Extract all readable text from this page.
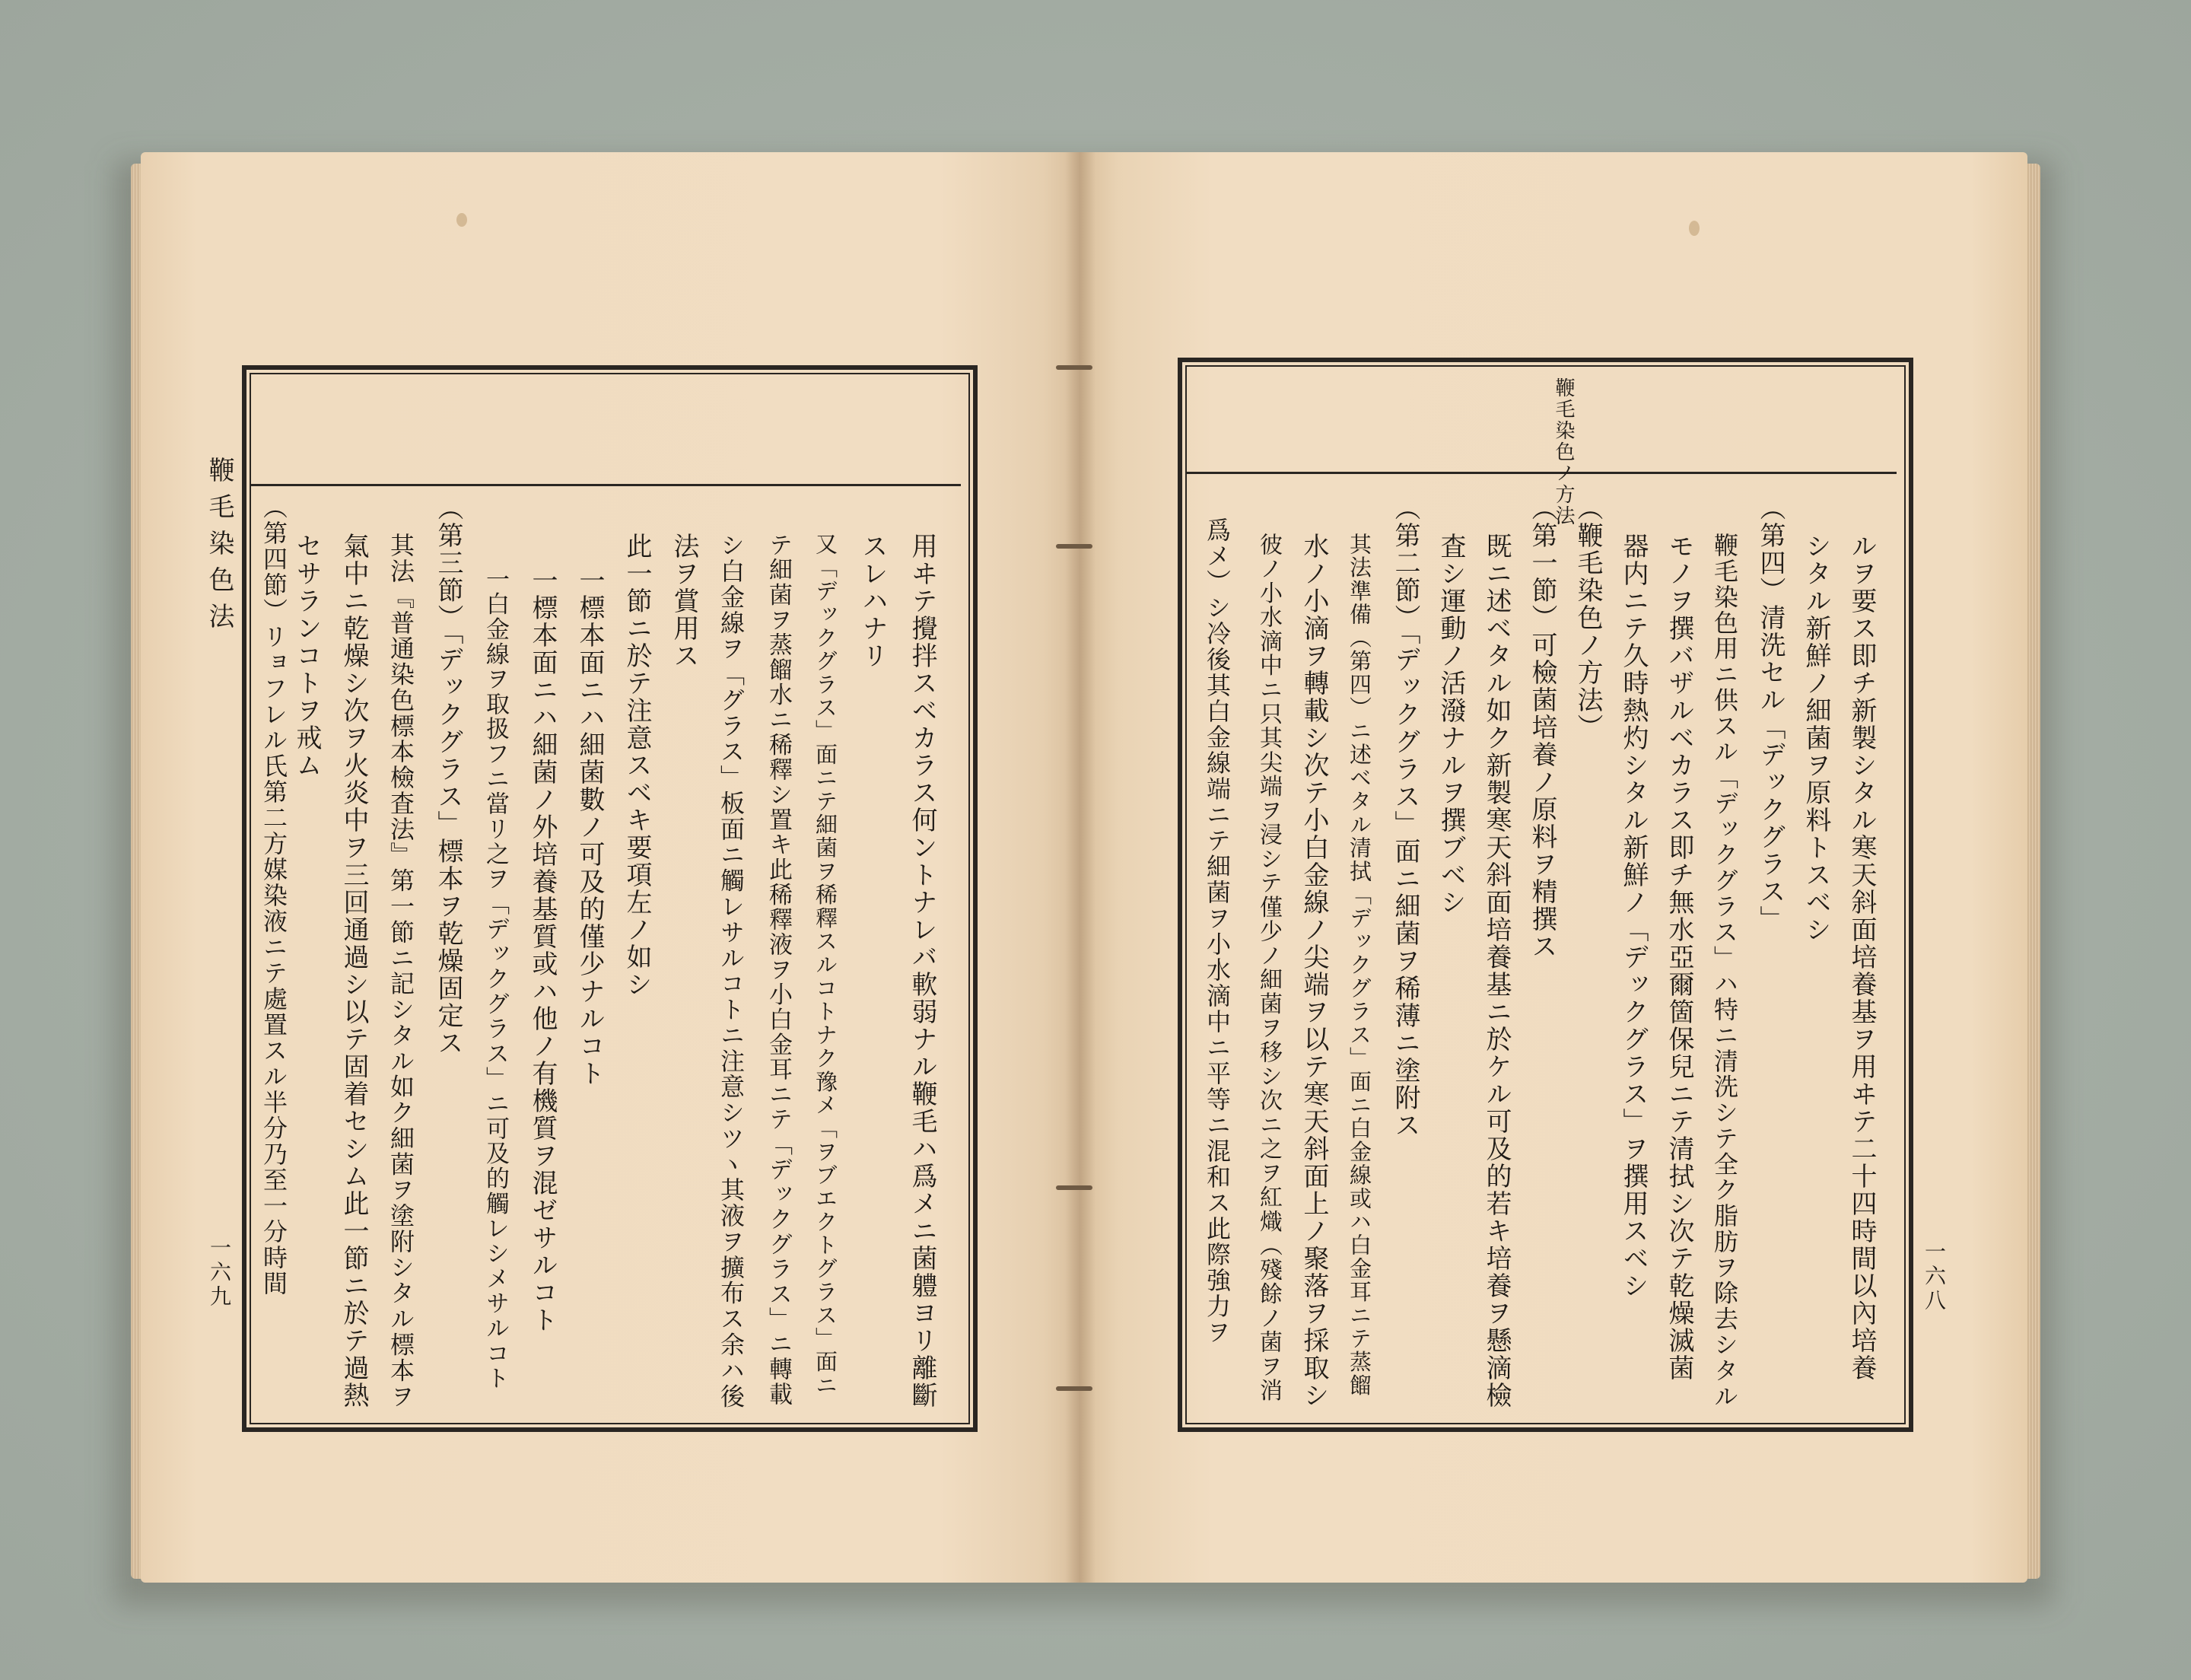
鞭毛染色法
一六九	用ヰテ攪拌スベカラス何ントナレバ軟弱ナル鞭毛ハ爲メニ菌軆ヨリ離斷
スレハナリ
又「デックグラス」面ニテ細菌ヲ稀釋スルコトナク豫メ「ヲブエクトグラス」面ニ
テ細菌ヲ蒸餾水ニ稀釋シ置キ此稀釋液ヲ小白金耳ニテ「デックグラス」ニ轉載
シ白金線ヲ「グラス」板面ニ觸レサルコトニ注意シツヽ其液ヲ擴布ス余ハ後
法ヲ賞用ス
此一節ニ於テ注意スベキ要項左ノ如シ
一標本面ニハ細菌數ノ可及的僅少ナルコト
一標本面ニハ細菌ノ外培養基質或ハ他ノ有機質ヲ混ゼサルコト
一白金線ヲ取扱フニ當リ之ヲ「デックグラス」ニ可及的觸レシメサルコト
（第三節）「デックグラス」標本ヲ乾燥固定ス
其法『普通染色標本檢査法』第一節ニ記シタル如ク細菌ヲ塗附シタル標本ヲ
氣中ニ乾燥シ次ヲ火炎中ヲ三回通過シ以テ固着セシム此一節ニ於テ過熱
セサランコトヲ戒ム
（第四節）リョフレル氏第二方媒染液ニテ處置スル半分乃至一分時間
鞭毛染色ノ方法
一六八
ルヲ要ス即チ新製シタル寒天斜面培養基ヲ用ヰテ二十四時間以內培養
シタル新鮮ノ細菌ヲ原料トスベシ
（第四）清洗セル「デックグラス」
鞭毛染色用ニ供スル「デックグラス」ハ特ニ清洗シテ全ク脂肪ヲ除去シタル
モノヲ撰バザルベカラス即チ無水亞爾箇保兒ニテ清拭シ次テ乾燥滅菌
器内ニテ久時熱灼シタル新鮮ノ「デックグラス」ヲ撰用スベシ
（鞭毛染色ノ方法）
（第一節）可檢菌培養ノ原料ヲ精撰ス
既ニ述ベタル如ク新製寒天斜面培養基ニ於ケル可及的若キ培養ヲ懸滴檢
査シ運動ノ活潑ナルヲ撰ブベシ
（第二節）「デックグラス」面ニ細菌ヲ稀薄ニ塗附ス
其法準備（第四）ニ述ベタル清拭「デックグラス」面ニ白金線或ハ白金耳ニテ蒸餾
水ノ小滴ヲ轉載シ次テ小白金線ノ尖端ヲ以テ寒天斜面上ノ聚落ヲ採取シ
彼ノ小水滴中ニ只其尖端ヲ浸シテ僅少ノ細菌ヲ移シ次ニ之ヲ紅熾（殘餘ノ菌ヲ消
爲メ）シ冷後其白金線端ニテ細菌ヲ小水滴中ニ平等ニ混和ス此際強力ヲ
